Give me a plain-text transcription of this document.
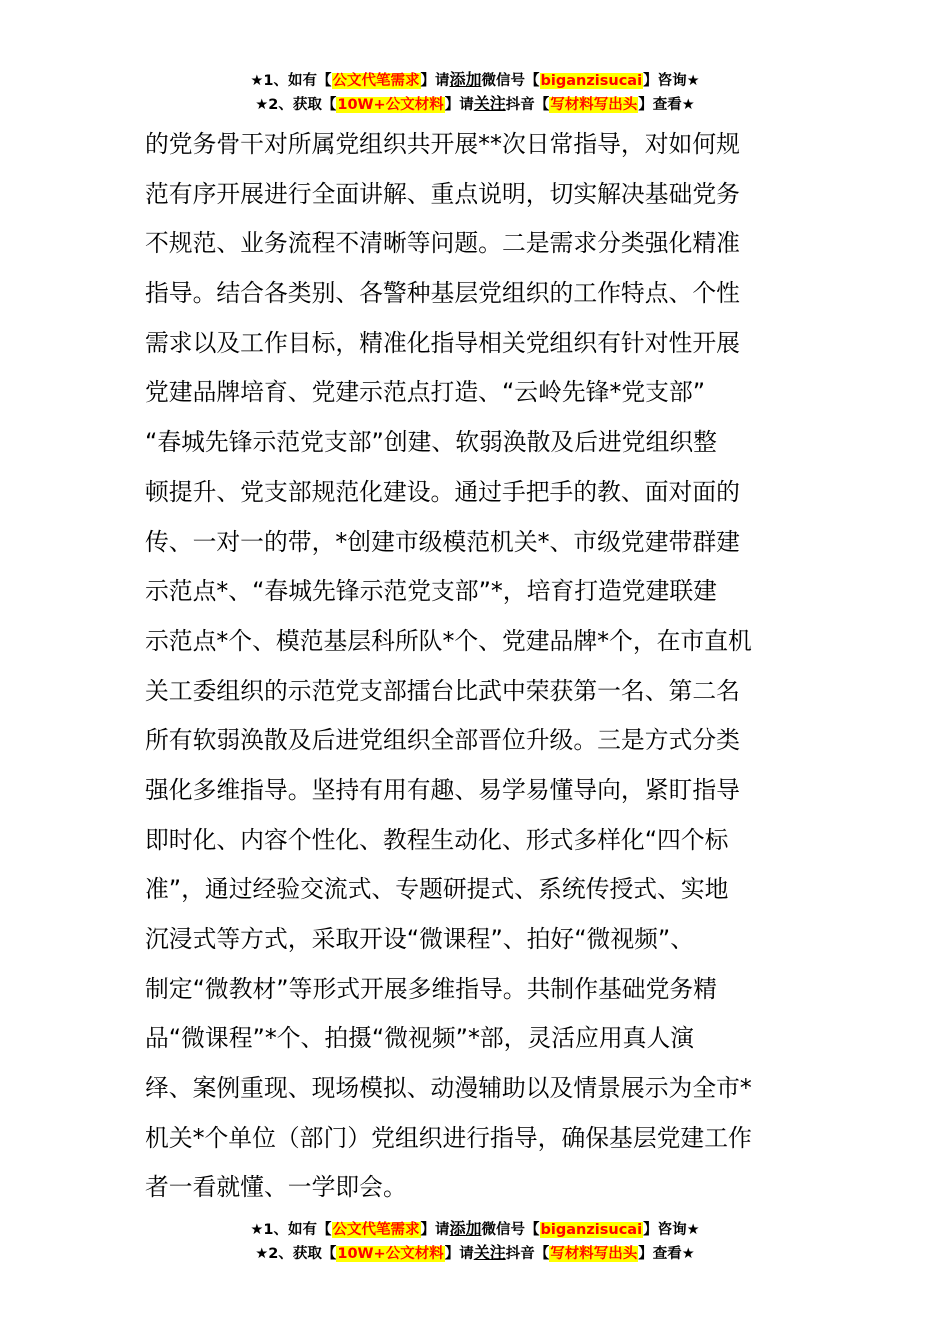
★1、如有【公文代笔需求】请添加微信号【biganzisucai】咨询★
★2、获取【10W+公文材料】请关注抖音【写材料写出头】查看★
的党务骨干对所属党组织共开展**次日常指导，对如何规
范有序开展进行全面讲解、重点说明，切实解决基础党务
不规范、业务流程不清晰等问题。二是需求分类强化精准
指导。结合各类别、各警种基层党组织的工作特点、个性
需求以及工作目标，精准化指导相关党组织有针对性开展
党建品牌培育、党建示范点打造、“云岭先锋*党支部”
“春城先锋示范党支部”创建、软弱涣散及后进党组织整
顿提升、党支部规范化建设。通过手把手的教、面对面的
传、一对一的带，*创建市级模范机关*、市级党建带群建
示范点*、“春城先锋示范党支部”*，培育打造党建联建
示范点*个、模范基层科所队*个、党建品牌*个，在市直机
关工委组织的示范党支部擂台比武中荣获第一名、第二名
所有软弱涣散及后进党组织全部晋位升级。三是方式分类
强化多维指导。坚持有用有趣、易学易懂导向，紧盯指导
即时化、内容个性化、教程生动化、形式多样化“四个标
准”，通过经验交流式、专题研提式、系统传授式、实地
沉浸式等方式，采取开设“微课程”、拍好“微视频”、
制定“微教材”等形式开展多维指导。共制作基础党务精
品“微课程”*个、拍摄“微视频”*部，灵活应用真人演
绎、案例重现、现场模拟、动漫辅助以及情景展示为全市*
机关*个单位（部门）党组织进行指导，确保基层党建工作
者一看就懂、一学即会。
★1、如有【公文代笔需求】请添加微信号【biganzisucai】咨询★
★2、获取【10W+公文材料】请关注抖音【写材料写出头】查看★
